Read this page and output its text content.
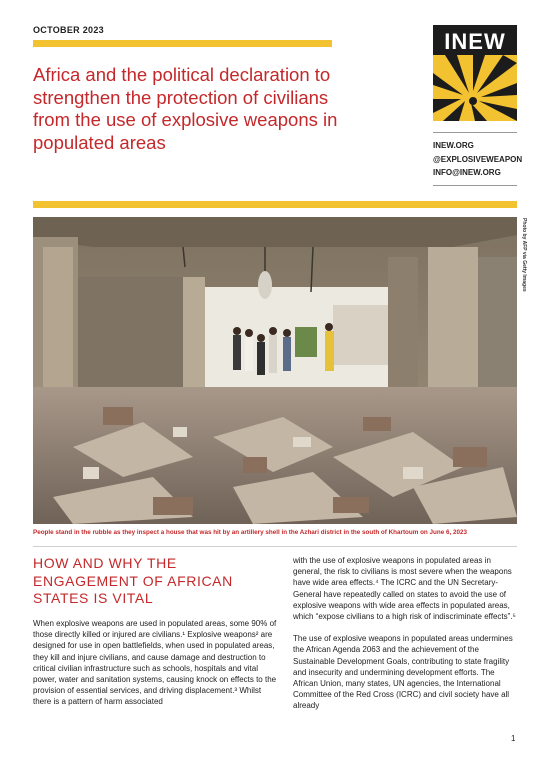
OCTOBER 2023
Africa and the political declaration to strengthen the protection of civilians from the use of explosive weapons in populated areas
INEW
INEW.ORG
@EXPLOSIVEWEAPON
INFO@INEW.ORG
Photo by AFP via Getty Images
People stand in the rubble as they inspect a house that was hit by an artillery shell in the Azhari district in the south of Khartoum on June 6, 2023
HOW AND WHY THE ENGAGEMENT OF AFRICAN STATES IS VITAL

When explosive weapons are used in populated areas, some 90% of those directly killed or injured are civilians.¹ Explosive weapons² are designed for use in open battlefields, when used in populated areas, they kill and injure civilians, and cause damage and destruction to critical civilian infrastructure such as schools, hospitals and vital power, water and sanitation systems, causing knock on effects to the provision of essential services, and driving displacement.³ Whilst there is a pattern of harm associated

with the use of explosive weapons in populated areas in general, the risk to civilians is most severe when the weapons have wide area effects.⁴ The ICRC and the UN Secretary-General have repeatedly called on states to avoid the use of explosive weapons with wide area effects in populated areas, which “expose civilians to a high risk of indiscriminate effects”.⁵

The use of explosive weapons in populated areas undermines the African Agenda 2063 and the achievement of the Sustainable Development Goals, contributing to state fragility and insecurity and undermining development efforts. The African Union, many states, UN agencies, the International Committee of the Red Cross (ICRC) and civil society have all already

1
